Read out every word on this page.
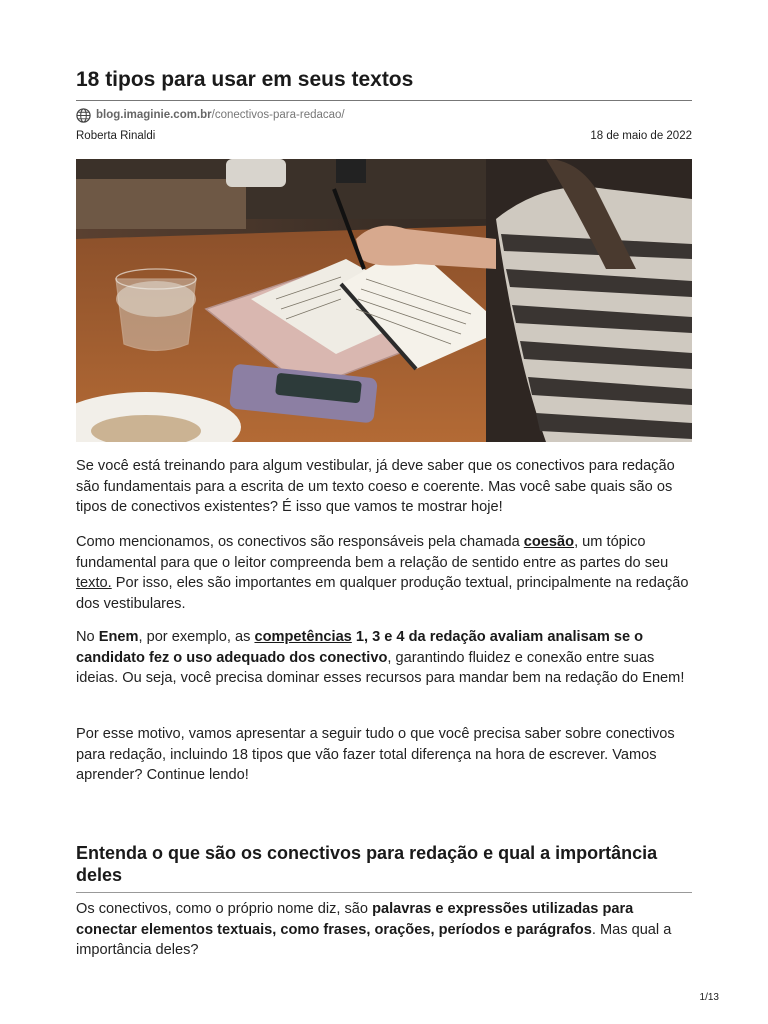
18 tipos para usar em seus textos
blog.imaginie.com.br /conectivos-para-redacao/
Roberta Rinaldi	18 de maio de 2022

Se você está treinando para algum vestibular, já deve saber que os conectivos para redação são fundamentais para a escrita de um texto coeso e coerente. Mas você sabe quais são os tipos de conectivos existentes? É isso que vamos te mostrar hoje!

Como mencionamos, os conectivos são responsáveis pela chamada coesão, um tópico fundamental para que o leitor compreenda bem a relação de sentido entre as partes do seu texto. Por isso, eles são importantes em qualquer produção textual, principalmente na redação dos vestibulares.

No Enem, por exemplo, as competências 1, 3 e 4 da redação avaliam analisam se o candidato fez o uso adequado dos conectivo, garantindo fluidez e conexão entre suas ideias. Ou seja, você precisa dominar esses recursos para mandar bem na redação do Enem!

Por esse motivo, vamos apresentar a seguir tudo o que você precisa saber sobre conectivos para redação, incluindo 18 tipos que vão fazer total diferença na hora de escrever. Vamos aprender? Continue lendo!

Entenda o que são os conectivos para redação e qual a importância deles

Os conectivos, como o próprio nome diz, são palavras e expressões utilizadas para conectar elementos textuais, como frases, orações, períodos e parágrafos. Mas qual a importância deles?

1/13
